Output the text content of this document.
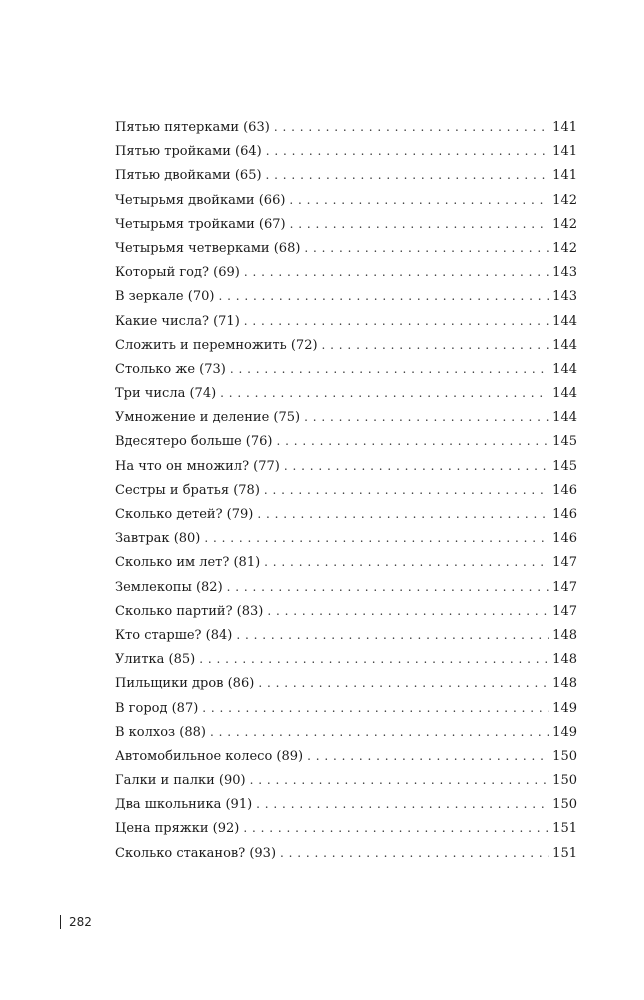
Пятью пятерками (63) . . .	141
Пятью тройками (64) . . .	141
Пятью двойками (65) . . .	141
Четырьмя двойками (66) . . .	142
Четырьмя тройками (67) . . .	142
Четырьмя четверками (68) . . .	142
Который год? (69) . . .	143
В зеркале (70) . . .	143
Какие числа? (71) . . .	144
Сложить и перемножить (72) . . .	144
Столько же (73) . . .	144
Три числа (74) . . .	144
Умножение и деление (75) . . .	144
Вдесятеро больше (76) . . .	145
На что он множил? (77) . . .	145
Сестры и братья (78) . . .	146
Сколько детей? (79) . . .	146
Завтрак (80) . . .	146
Сколько им лет? (81) . . .	147
Землекопы (82) . . .	147
Сколько партий? (83) . . .	147
Кто старше? (84) . . .	148
Улитка (85) . . .	148
Пильщики дров (86) . . .	148
В город (87) . . .	149
В колхоз (88) . . .	149
Автомобильное колесо (89) . . .	150
Галки и палки (90) . . .	150
Два школьника (91) . . .	150
Цена пряжки (92) . . .	151
Сколько стаканов? (93) . . .	151
282
